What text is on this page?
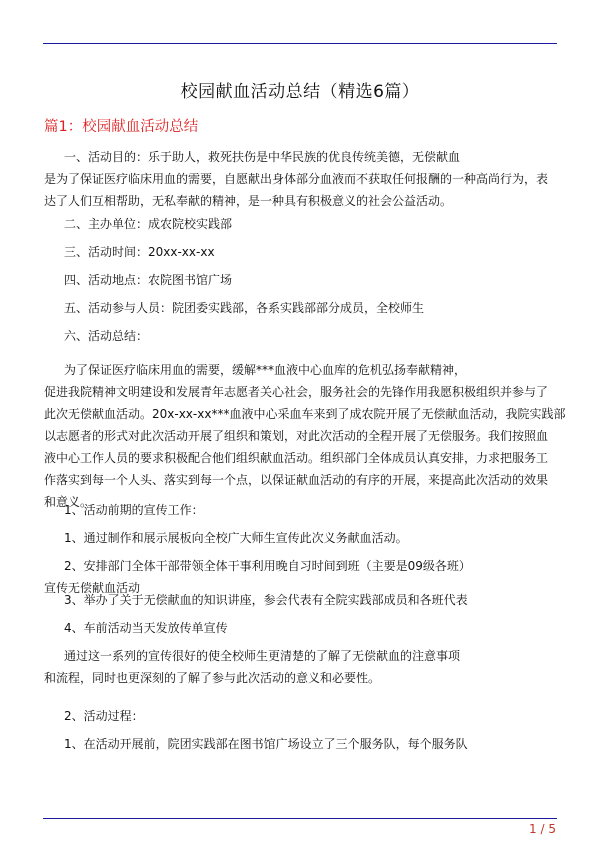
校园献血活动总结（精选6篇）
篇1：校园献血活动总结
一、活动目的：乐于助人，救死扶伤是中华民族的优良传统美德，无偿献血
是为了保证医疗临床用血的需要，自愿献出身体部分血液而不获取任何报酬的一种高尚行为，表
达了人们互相帮助，无私奉献的精神，是一种具有积极意义的社会公益活动。
二、主办单位：成农院校实践部
三、活动时间：20xx-xx-xx
四、活动地点：农院图书馆广场
五、活动参与人员：院团委实践部，各系实践部部分成员，全校师生
六、活动总结：
为了保证医疗临床用血的需要，缓解***血液中心血库的危机弘扬奉献精神，
促进我院精神文明建设和发展青年志愿者关心社会，服务社会的先锋作用我愿积极组织并参与了
此次无偿献血活动。20x-xx-xx***血液中心采血车来到了成农院开展了无偿献血活动，我院实践部
以志愿者的形式对此次活动开展了组织和策划，对此次活动的全程开展了无偿服务。我们按照血
液中心工作人员的要求积极配合他们组织献血活动。组织部门全体成员认真安排，力求把服务工
作落实到每一个人头、落实到每一个点，以保证献血活动的有序的开展，来提高此次活动的效果
和意义。
1、活动前期的宣传工作：
1、通过制作和展示展板向全校广大师生宣传此次义务献血活动。
2、安排部门全体干部带领全体干事利用晚自习时间到班（主要是09级各班）
宣传无偿献血活动
3、举办了关于无偿献血的知识讲座，参会代表有全院实践部成员和各班代表
4、车前活动当天发放传单宣传
通过这一系列的宣传很好的使全校师生更清楚的了解了无偿献血的注意事项
和流程，同时也更深刻的了解了参与此次活动的意义和必要性。
2、活动过程：
1、在活动开展前，院团实践部在图书馆广场设立了三个服务队，每个服务队
1 / 5
